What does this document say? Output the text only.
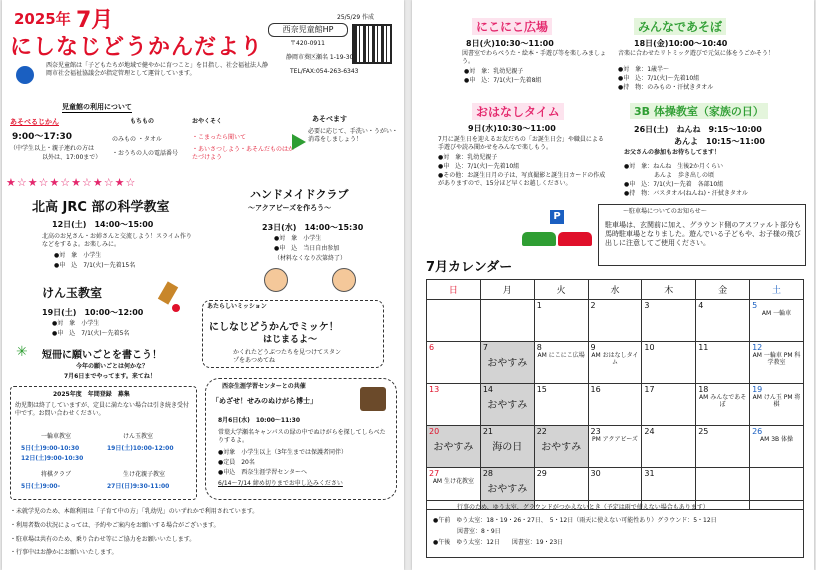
2025年 7月
にしなじどうかんだより
25/5/29 作成
西奈児童館HP
〒420-0911
静岡市葵区瀬名 1-19-30
TEL/FAX:054-263-6343
西奈児童館は「子どもたちが地域で健やかに育つこと」を目指し、社会福祉法人静岡市社会福祉協議会が指定管理として運営しています。
児童館の利用について
あそべるじかん
9:00～17:30
（中学生以上・親子連れの方は
以外は、17:00まで）
もちもの
のみもの ・タオル
・おうちの人の電話番号
おやくそく
・こまったら聞いて
・あいさつしよう・あそんだものはかたづけよう
あそべます
必要に応じて、手洗い・うがい・消毒をしましょう！
★☆★☆★☆★☆★☆★☆
北高 JRC 部の科学教室
12日(土)　14:00～15:00
北高のお兄さん・お姉さんと交流しよう！スライム作りなどをするよ。お楽しみに。
●対　象　小学生
●申　込　7/1(火)～先着15名
ハンドメイドクラブ
～アクアビーズを作ろう～
23日(水)　14:00～15:30
●対　象　小学生
●申　込　当日自由参加
（材料なくなり次第終了）
けん玉教室
19日(土)　10:00～12:00
●対　象　小学生
●申　込　7/1(火)～先着5名
あたらしいミッション
にしなじどうかんでミッケ！
はじまるよ～
かくれたどうぶつたちを見つけてスタンプをあつめてね
短冊に願いごとを書こう！
✳
今年の願いごとは何かな？
7月6日までやってます。来てね！
2025年度　年間登録　募集
幼児期は終了していますが、定員に満たない場合は引き続き受付中です。お問い合わせください。
一輪車教室	けん玉教室
5日(土)9:00-10:30	19日(土)10:00-12:00
12日(土)9:00-10:30
将棋クラブ	生け花親子教室
5日(土)9:00-	27日(日)9:30-11:00
西奈生涯学習センターとの共催
「めざせ！せみのぬけがら博士」
8月6日(水)　10:00～11:30
常葉大学瀬名キャンパスの緑の中でぬけがらを探してしらべたりするよ。
●対象　小学生以上（3年生までは保護者同伴）
●定員　20名
●申込　西奈生涯学習センターへ
6/14～7/14 締め切りまでお申し込みください
・未就学児のため、本館利用は「子育て中の方」「乳幼児」のいずれかで利用されています。
・利用者数の状況によっては、予約やご案内をお願いする場合がございます。
・駐車場は共有のため、乗り合わせ等にご協力をお願いいたします。
・行事中はお静かにお願いいたします。
にこにこ広場
8日(火)10:30～11:00
図書室でわらべうた・絵本・手遊び等を楽しみましょう。
●対　象：乳幼児親子
●申　込：7/1(火)～先着8組
みんなであそぼ
18日(金)10:00～10:40
音楽に合わせたリトミック遊びで元気に体をうごかそう！
●対　象：1歳半～
●申　込：7/1(火)～先着10組
●持　物：のみもの・汗拭きタオル
おはなしタイム
9日(水)10:30～11:00
7月に誕生日を迎えるお友だちの「お誕生日会」や職員による手遊びや読み聞かせをみんなで楽しもう。
●対　象：乳幼児親子
●申　込：7/1(火)～先着10組
●その他：お誕生日月の子は、写真撮影と誕生日カードの作成がありますので、15分ほど早くお越しください。
3B 体操教室（家族の日）
26日(土)　ねんね　9:15～10:00
あんよ　10:15～11:00
お父さんの参加もお待ちしてます！
●対　象：ねんね　生後2か月くらい
　　　　　あんよ　歩き出しの頃
●申　込：7/1(火)～先着　各部10組
●持　物：バスタオル(ねんね)・汗拭きタオル
P	～駐車場についてのお知らせ～
駐車場は、玄関前に加え、グラウンド側のアスファルト部分も馬時駐車場となりました。遊んでいる子どもや、お子様の飛び出しに注意してご使用ください。
7月カレンダー
日	月	火	水	木	金	土

		1	2	3	4	5
AM 一輪車

6	7
おやすみ	8
AM にこにこ広場	9
AM おはなしタイム	10	11	12
AM 一輪車 PM 科学教室

13	14
おやすみ	15	16	17	18
AM みんなであそぼ	19
AM けん玉 PM 将棋

20
おやすみ	21
海の日	22
おやすみ	23
PM アクアビーズ	24	25	26
AM 3B 体操

27
AM 生け花教室	28
おやすみ	29	30	31		

行事のため、ゆう太室、グラウンドがつかえないとき（予定は雨で使えない場合もあります）
●午前　ゆう太室：18・19・26・27日、　5・12日（雨天に使えない可能性あり）グラウンド：5・12日
　　　　図書室：8・9日
●午後　ゆう太室：12日　　図書室：19・23日
